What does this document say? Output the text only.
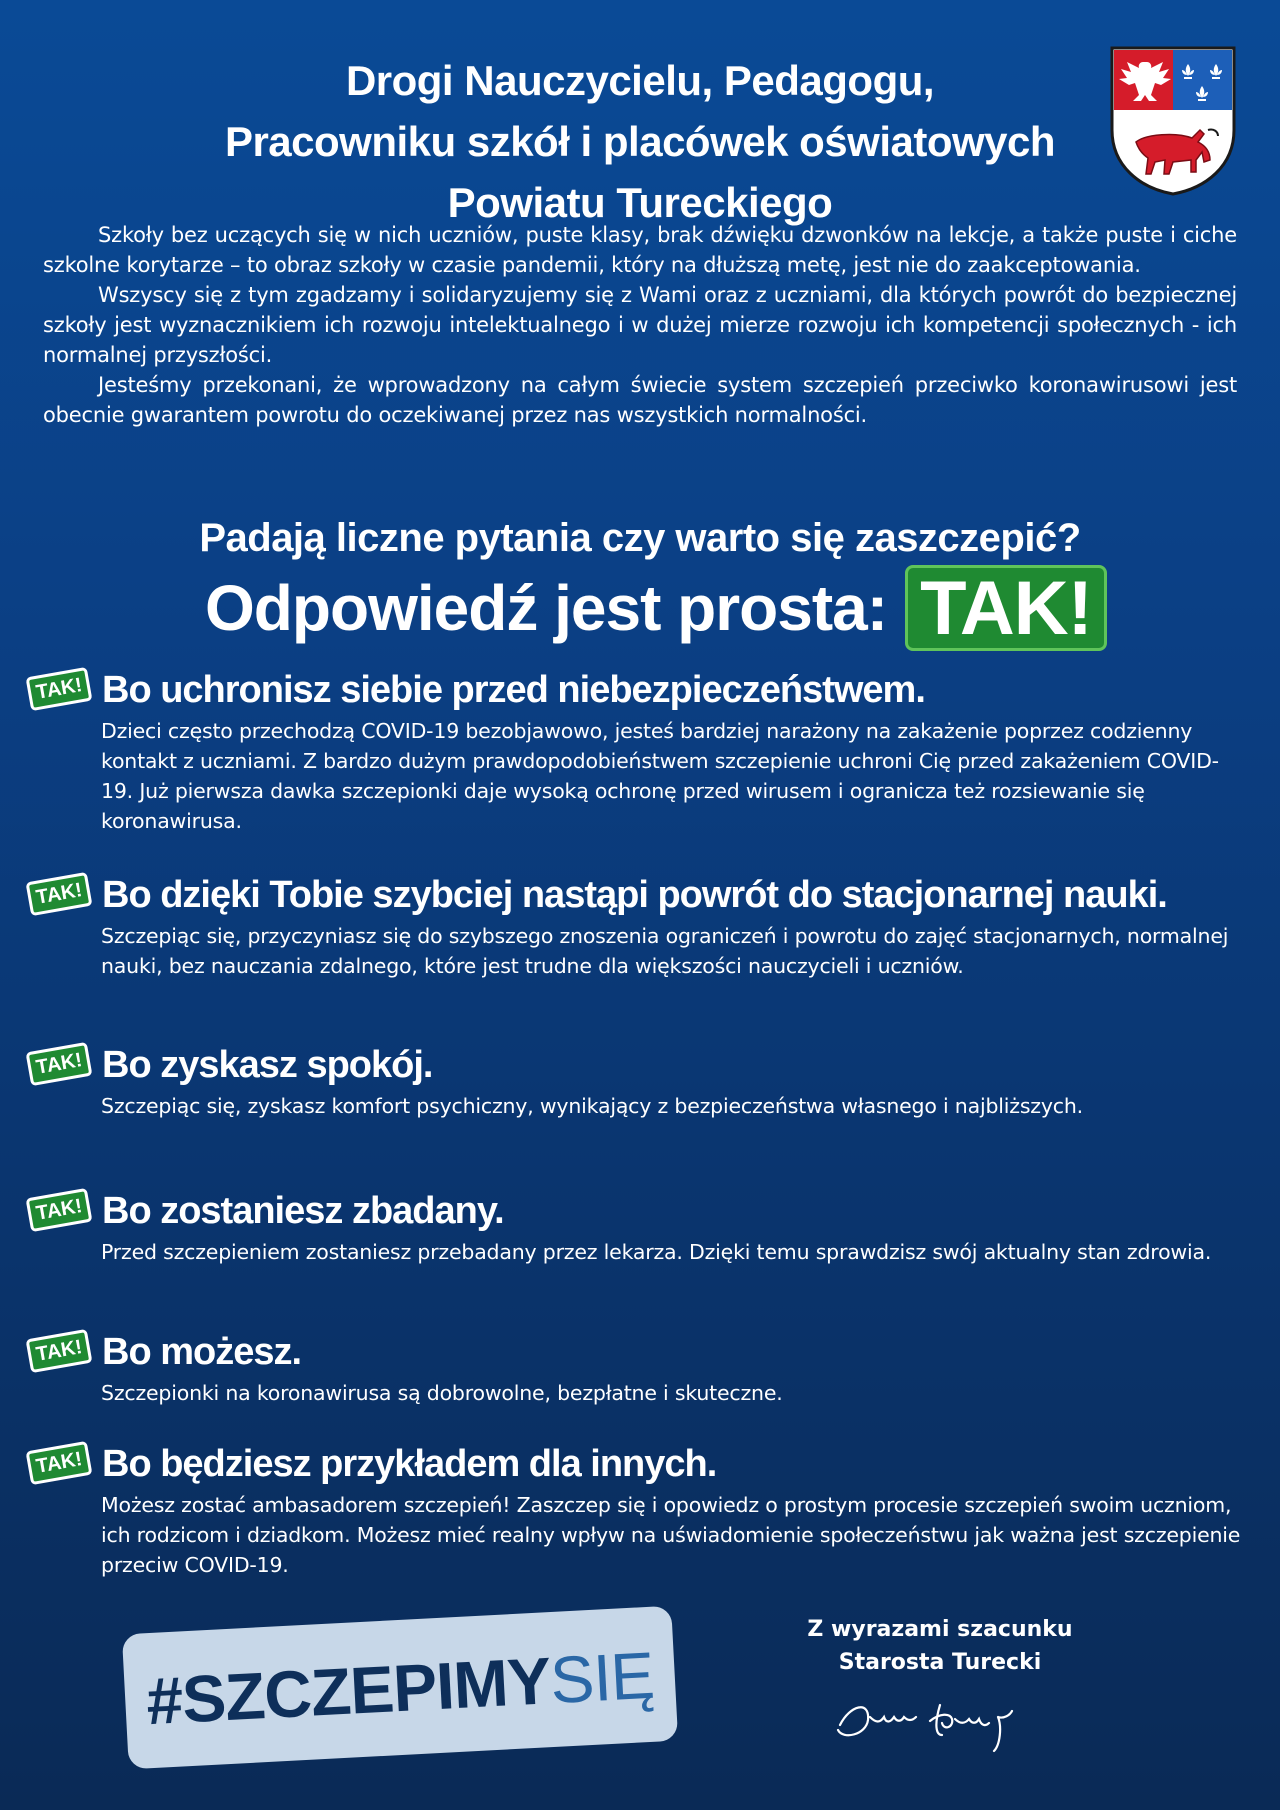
Drogi Nauczycielu, Pedagogu,
Pracowniku szkół i placówek oświatowych
Powiatu Tureckiego

Szkoły bez uczących się w nich uczniów, puste klasy, brak dźwięku dzwonków na lekcje, a także puste i ciche szkolne korytarze – to obraz szkoły w czasie pandemii, który na dłuższą metę, jest nie do zaakceptowania.

Wszyscy się z tym zgadzamy i solidaryzujemy się z Wami oraz z uczniami, dla których powrót do bezpiecznej szkoły jest wyznacznikiem ich rozwoju intelektualnego i w dużej mierze rozwoju ich kompetencji społecznych - ich normalnej przyszłości.

Jesteśmy przekonani, że wprowadzony na całym świecie system szczepień przeciwko koronawirusowi jest obecnie gwarantem powrotu do oczekiwanej przez nas wszystkich normalności.

Padają liczne pytania czy warto się zaszczepić?
Odpowiedź jest prosta: TAK!
TAK! Bo uchronisz siebie przed niebezpieczeństwem.

Dzieci często przechodzą COVID-19 bezobjawowo, jesteś bardziej narażony na zakażenie poprzez codzienny kontakt z uczniami. Z bardzo dużym prawdopodobieństwem szczepienie uchroni Cię przed zakażeniem COVID-19. Już pierwsza dawka szczepionki daje wysoką ochronę przed wirusem i ogranicza też rozsiewanie się koronawirusa.

TAK! Bo dzięki Tobie szybciej nastąpi powrót do stacjonarnej nauki.

Szczepiąc się, przyczyniasz się do szybszego znoszenia ograniczeń i powrotu do zajęć stacjonarnych, normalnej nauki, bez nauczania zdalnego, które jest trudne dla większości nauczycieli i uczniów.

TAK! Bo zyskasz spokój.

Szczepiąc się, zyskasz komfort psychiczny, wynikający z bezpieczeństwa własnego i najbliższych.

TAK! Bo zostaniesz zbadany.

Przed szczepieniem zostaniesz przebadany przez lekarza. Dzięki temu sprawdzisz swój aktualny stan zdrowia.

TAK! Bo możesz.

Szczepionki na koronawirusa są dobrowolne, bezpłatne i skuteczne.

TAK! Bo będziesz przykładem dla innych.

Możesz zostać ambasadorem szczepień! Zaszczep się i opowiedz o prostym procesie szczepień swoim uczniom, ich rodzicom i dziadkom. Możesz mieć realny wpływ na uświadomienie społeczeństwu jak ważna jest szczepienie przeciw COVID-19.

#SZCZEPIMY
SIĘ
Z wyrazami szacunku
Starosta Turecki
